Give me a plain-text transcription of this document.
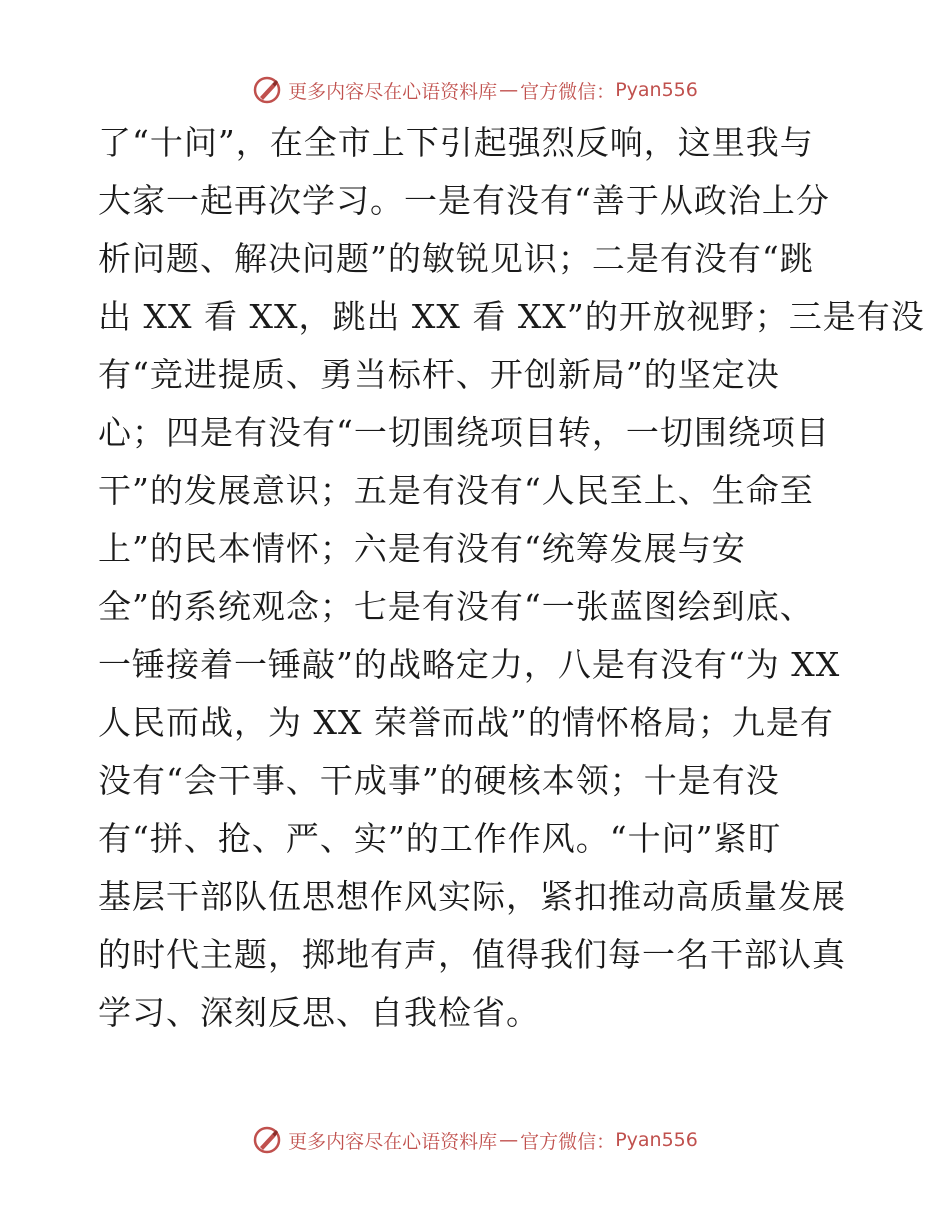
更多内容尽在心语资料库 — 官方微信： Pyan556
了“十问”，在全市上下引起强烈反响，这里我与
大家一起再次学习。一是有没有“善于从政治上分
析问题、解决问题”的敏锐见识；二是有没有“跳
出 XX 看 XX，跳出 XX 看 XX”的开放视野；三是有没
有“竞进提质、勇当标杆、开创新局”的坚定决
心；四是有没有“一切围绕项目转，一切围绕项目
干”的发展意识；五是有没有“人民至上、生命至
上”的民本情怀；六是有没有“统筹发展与安
全”的系统观念；七是有没有“一张蓝图绘到底、
一锤接着一锤敲”的战略定力，八是有没有“为 XX
人民而战，为 XX 荣誉而战”的情怀格局；九是有
没有“会干事、干成事”的硬核本领；十是有没
有“拼、抢、严、实”的工作作风。“十问”紧盯
基层干部队伍思想作风实际，紧扣推动高质量发展
的时代主题，掷地有声，值得我们每一名干部认真
学习、深刻反思、自我检省。
更多内容尽在心语资料库 — 官方微信： Pyan556
